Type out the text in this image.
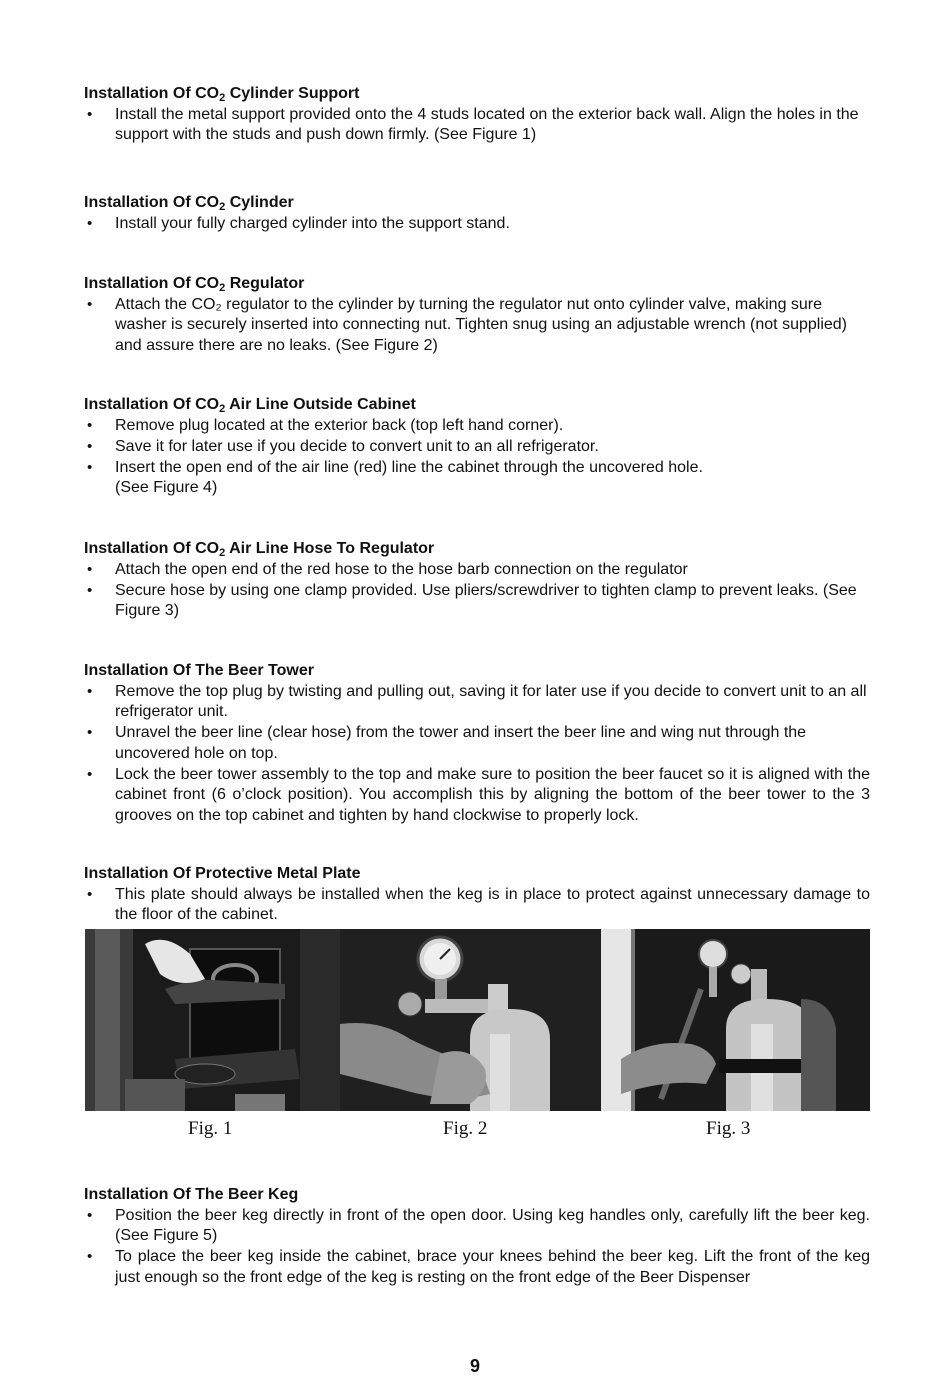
Installation Of $CO_2$ Cylinder Support
• Install the metal support provided onto the 4 studs located on the exterior back wall. Align the holes in the support with the studs and push down firmly. (See Figure 1)
Installation Of $CO_2$ Cylinder
• Install your fully charged cylinder into the support stand.
Installation Of $CO_2$ Regulator
• Attach the CO₂ regulator to the cylinder by turning the regulator nut onto cylinder valve, making sure washer is securely inserted into connecting nut. Tighten snug using an adjustable wrench (not supplied) and assure there are no leaks. (See Figure 2)
Installation Of $CO_2$ Air Line Outside Cabinet
• Remove plug located at the exterior back (top left hand corner).
• Save it for later use if you decide to convert unit to an all refrigerator.
• Insert the open end of the air line (red) line the cabinet through the uncovered hole.
(See Figure 4)
Installation Of $CO_2$ Air Line Hose To Regulator
• Attach the open end of the red hose to the hose barb connection on the regulator
• Secure hose by using one clamp provided. Use pliers/screwdriver to tighten clamp to prevent leaks. (See Figure 3)
Installation Of The Beer Tower
• Remove the top plug by twisting and pulling out, saving it for later use if you decide to convert unit to an all refrigerator unit.
• Unravel the beer line (clear hose) from the tower and insert the beer line and wing nut through the uncovered hole on top.
• Lock the beer tower assembly to the top and make sure to position the beer faucet so it is aligned with the cabinet front (6 o’clock position). You accomplish this by aligning the bottom of the beer tower to the 3 grooves on the top cabinet and tighten by hand clockwise to properly lock.
Installation Of Protective Metal Plate
• This plate should always be installed when the keg is in place to protect against unnecessary damage to the floor of the cabinet.
Fig. 1	Fig. 2	Fig. 3
Installation Of The Beer Keg
• Position the beer keg directly in front of the open door. Using keg handles only, carefully lift the beer keg. (See Figure 5)
• To place the beer keg inside the cabinet, brace your knees behind the beer keg. Lift the front of the keg just enough so the front edge of the keg is resting on the front edge of the Beer Dispenser
9
